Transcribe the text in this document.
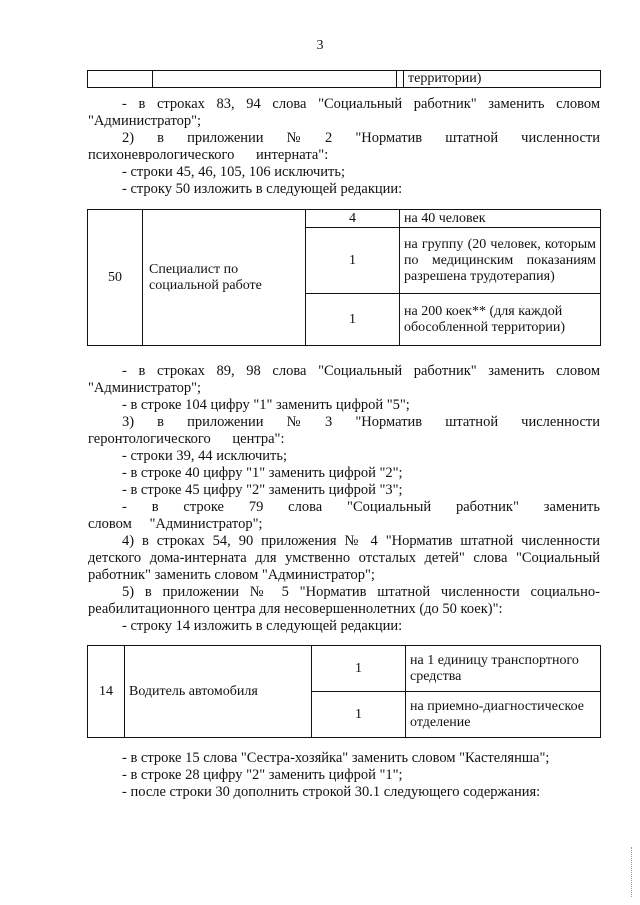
3
			территории)

- в строках 83, 94 слова "Социальный работник" заменить словом "Администратор";

2) в приложении № 2 "Норматив штатной численности психоневрологического интерната":

- строки 45, 46, 105, 106 исключить;

- строку 50 изложить в следующей редакции:

50	Специалист по социальной работе	4	на 40 человек
		1	на группу (20 человек, которым по медицинским показаниям разрешена трудотерапия)
		1	на 200 коек** (для каждой обособленной территории)

- в строках 89, 98 слова "Социальный работник" заменить словом "Администратор";

- в строке 104 цифру "1" заменить цифрой "5";

3) в приложении № 3 "Норматив штатной численности геронтологического центра":

- строки 39, 44 исключить;

- в строке 40 цифру "1" заменить цифрой "2";

- в строке 45 цифру "2" заменить цифрой "3";

- в строке 79 слова "Социальный работник" заменить словом "Администратор";

4) в строках 54, 90 приложения № 4 "Норматив штатной численности детского дома-интерната для умственно отсталых детей" слова "Социальный работник" заменить словом "Администратор";

5) в приложении № 5 "Норматив штатной численности социально-реабилитационного центра для несовершеннолетних (до 50 коек)":

- строку 14 изложить в следующей редакции:

14	Водитель автомобиля	1	на 1 единицу транспортного средства
		1	на приемно-диагностическое отделение

- в строке 15 слова "Сестра-хозяйка" заменить словом "Кастелянша";

- в строке 28 цифру "2" заменить цифрой "1";

- после строки 30 дополнить строкой 30.1 следующего содержания:
